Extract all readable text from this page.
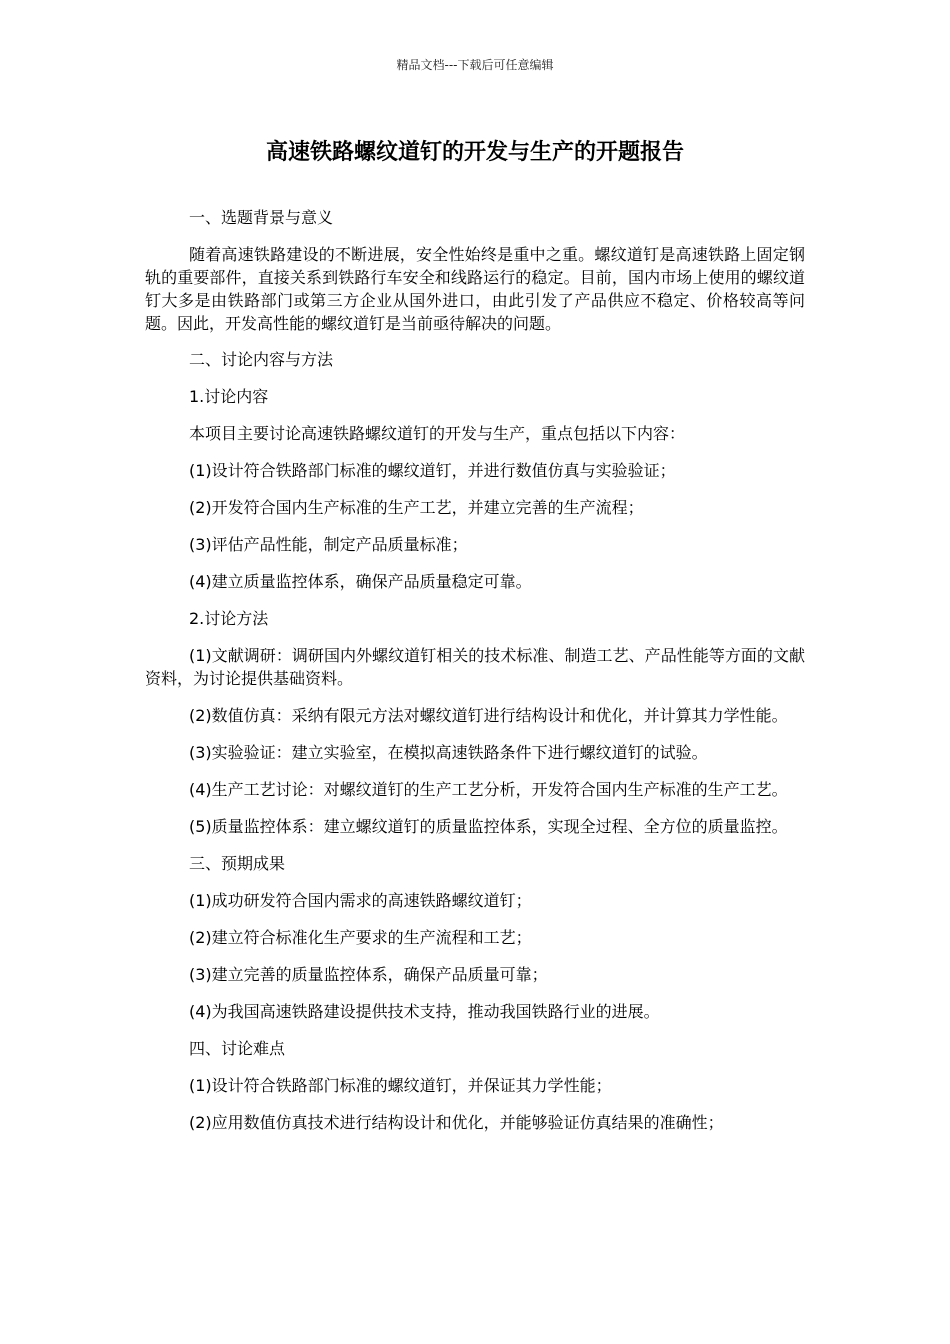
精品文档---下载后可任意编辑
高速铁路螺纹道钉的开发与生产的开题报告

一、选题背景与意义

随着高速铁路建设的不断进展，安全性始终是重中之重。螺纹道钉是高速铁路上固定钢轨的重要部件，直接关系到铁路行车安全和线路运行的稳定。目前，国内市场上使用的螺纹道钉大多是由铁路部门或第三方企业从国外进口，由此引发了产品供应不稳定、价格较高等问题。因此，开发高性能的螺纹道钉是当前亟待解决的问题。

二、讨论内容与方法

1.讨论内容

本项目主要讨论高速铁路螺纹道钉的开发与生产，重点包括以下内容：

(1)设计符合铁路部门标准的螺纹道钉，并进行数值仿真与实验验证；

(2)开发符合国内生产标准的生产工艺，并建立完善的生产流程；

(3)评估产品性能，制定产品质量标准；

(4)建立质量监控体系，确保产品质量稳定可靠。

2.讨论方法

(1)文献调研：调研国内外螺纹道钉相关的技术标准、制造工艺、产品性能等方面的文献资料，为讨论提供基础资料。

(2)数值仿真：采纳有限元方法对螺纹道钉进行结构设计和优化，并计算其力学性能。

(3)实验验证：建立实验室，在模拟高速铁路条件下进行螺纹道钉的试验。

(4)生产工艺讨论：对螺纹道钉的生产工艺分析，开发符合国内生产标准的生产工艺。

(5)质量监控体系：建立螺纹道钉的质量监控体系，实现全过程、全方位的质量监控。

三、预期成果

(1)成功研发符合国内需求的高速铁路螺纹道钉；

(2)建立符合标准化生产要求的生产流程和工艺；

(3)建立完善的质量监控体系，确保产品质量可靠；

(4)为我国高速铁路建设提供技术支持，推动我国铁路行业的进展。

四、讨论难点

(1)设计符合铁路部门标准的螺纹道钉，并保证其力学性能；

(2)应用数值仿真技术进行结构设计和优化，并能够验证仿真结果的准确性；
